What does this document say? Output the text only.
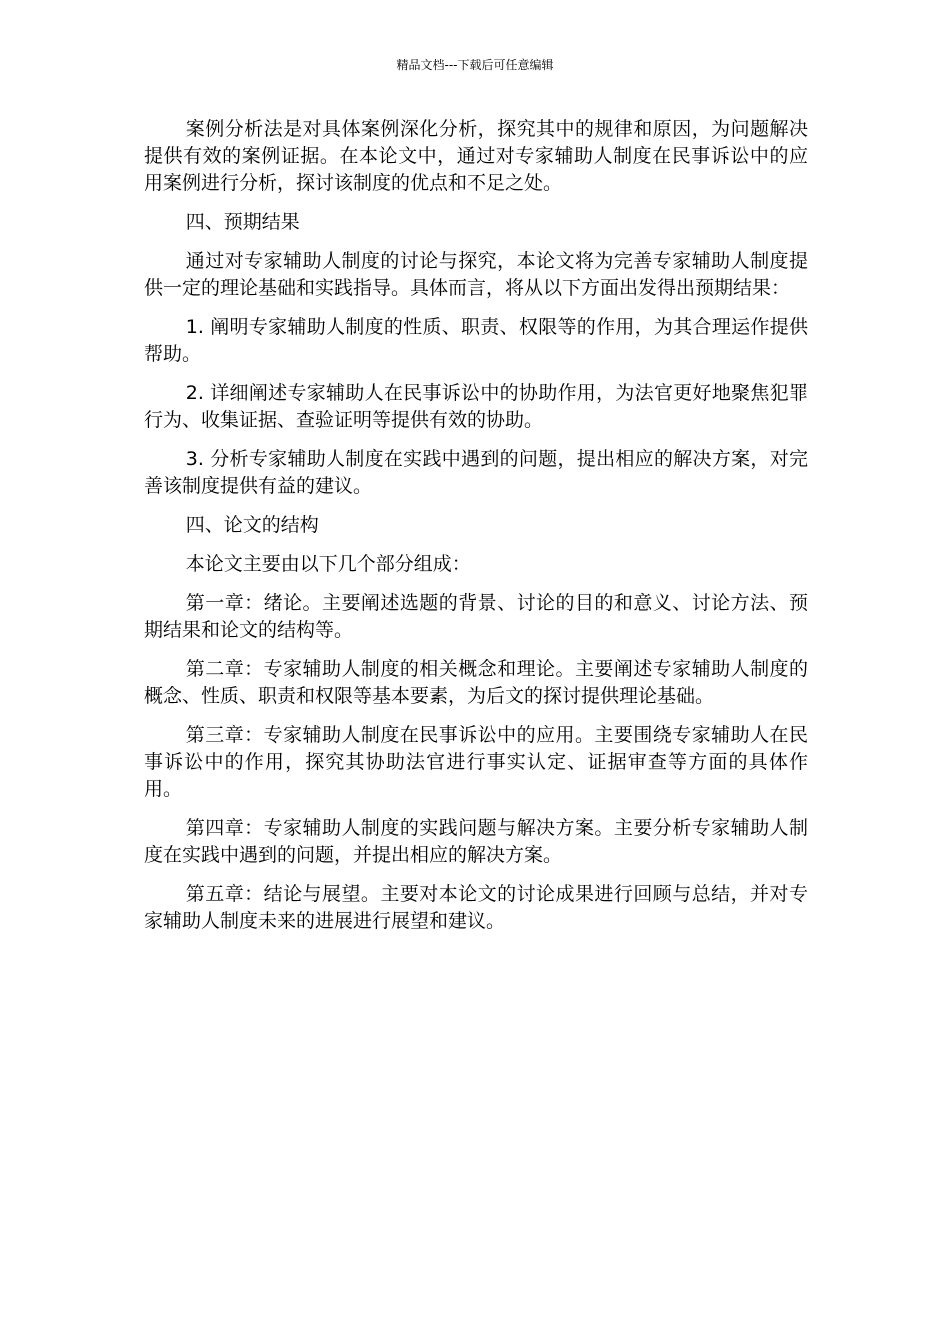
精品文档---下载后可任意编辑

案例分析法是对具体案例深化分析，探究其中的规律和原因，为问题解决提供有效的案例证据。在本论文中，通过对专家辅助人制度在民事诉讼中的应用案例进行分析，探讨该制度的优点和不足之处。

四、预期结果

通过对专家辅助人制度的讨论与探究，本论文将为完善专家辅助人制度提供一定的理论基础和实践指导。具体而言，将从以下方面出发得出预期结果：

1. 阐明专家辅助人制度的性质、职责、权限等的作用，为其合理运作提供帮助。

2. 详细阐述专家辅助人在民事诉讼中的协助作用，为法官更好地聚焦犯罪行为、收集证据、查验证明等提供有效的协助。

3. 分析专家辅助人制度在实践中遇到的问题，提出相应的解决方案，对完善该制度提供有益的建议。

四、论文的结构

本论文主要由以下几个部分组成：

第一章：绪论。主要阐述选题的背景、讨论的目的和意义、讨论方法、预期结果和论文的结构等。

第二章：专家辅助人制度的相关概念和理论。主要阐述专家辅助人制度的概念、性质、职责和权限等基本要素，为后文的探讨提供理论基础。

第三章：专家辅助人制度在民事诉讼中的应用。主要围绕专家辅助人在民事诉讼中的作用，探究其协助法官进行事实认定、证据审查等方面的具体作用。

第四章：专家辅助人制度的实践问题与解决方案。主要分析专家辅助人制度在实践中遇到的问题，并提出相应的解决方案。

第五章：结论与展望。主要对本论文的讨论成果进行回顾与总结，并对专家辅助人制度未来的进展进行展望和建议。
